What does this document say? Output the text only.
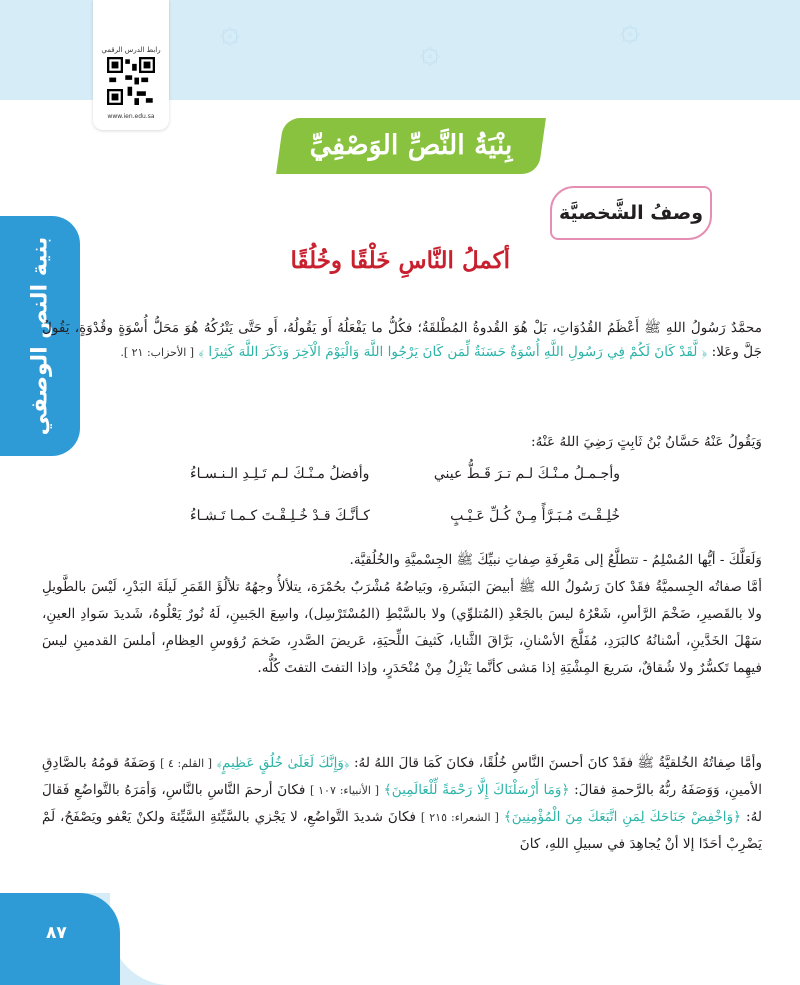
۞	۞
۞
رابط الدرس الرقمي
www.ien.edu.sa
بنية النص الوصفي
بِنْيَةُ النَّصِّ الوَصْفِيِّ
وصفُ الشَّخصيَّة
أكملُ النَّاسِ خَلْقًا وخُلُقًا
محمَّدٌ رَسُولُ اللهِ ﷺ أَعْظَمُ القُدُوَاتِ، بَلْ هُوَ القُدوةُ المُطْلقَةُ؛ فكُلُّ ما يَفْعَلُهُ أَو يَقُولُهُ، أَو حَتَّى يَتْرُكُهُ هُوَ مَحَلُّ أُسْوَةٍ وقُدْوَةٍ، يَقُولُ جَلَّ وعَلا: ﴿ لَّقَدْ كَانَ لَكُمْ فِي رَسُولِ اللَّهِ أُسْوَةٌ حَسَنَةٌ لِّمَن كَانَ يَرْجُوا اللَّهَ وَالْيَوْمَ الْآخِرَ وَذَكَرَ اللَّهَ كَثِيرًا ﴾ [ الأحزاب: ٢١ ].
وَيَقُولُ عَنْهُ حَسَّانُ بْنُ ثَابِتٍ رَضِيَ اللهُ عَنْهُ:
وأجـمـلُ مـنْـكَ لـم تـرَ قَـطُّ عيني
وأفضلُ مـنْـكَ لـم تَـلِـدِ الـنـسـاءُ
خُلِـقْـتَ مُـبَـرَّأً مِـنْ كُـلِّ عَـيْـبٍ
كـأنَّـكَ قـدْ خُـلِـقْـتَ كـمـا تَـشـاءُ
وَلَعَلَّكَ - أيُّها المُسْلِمُ - تتطلَّعُ إلى مَعْرِفَةِ صِفاتِ نبيِّكَ ﷺ الجِسْميَّةِ والخُلُقيَّة.
أمَّا صفاتُه الجِسميَّةُ فقَدْ كانَ رَسُولُ الله ﷺ أبيضَ البَشَرةِ، وبَياضُهُ مُشْرَبٌ بحُمْرَة، يتلألأُ وجهُهُ تلألُؤَ القَمَرِ لَيلَةَ البَدْرِ، لَيْسَ بالطَّويلِ ولا بالقَصيرِ، ضَخْمَ الرَّأسِ، شَعْرُهُ ليسَ بالجَعْدِ (المُتلوِّي) ولا بالسَّبْطِ (المُسْتَرْسِل)، واسِعَ الجَبينِ، لَهُ نُورٌ يَعْلُوهُ، شَديدَ سَوادِ العينِ، سَهْلَ الخَدَّينِ، أسْنانُهُ كالبَرَدِ، مُفَلَّجَ الأسْنانِ، بَرَّاقَ الثَّنايا، كَثيفَ اللِّحيَةِ، عَريضَ الصَّدرِ، ضَخمَ رُؤوسِ العِظامِ، أملسَ القدمينِ ليسَ فيهِما تَكسُّرٌ ولا شُقاقٌ، سَريعَ المِشْيَةِ إذا مَشى كأنَّما يَنْزِلُ مِنْ مُنْحَدَرٍ، وإذا التفتَ التفتَ كُلُّه.
وأمَّا صِفاتُهُ الخُلقيَّةُ ﷺ فقَدْ كانَ أحسنَ النَّاسِ خُلُقًا، فكانَ كَمَا قالَ اللهُ لهُ: ﴿وَإِنَّكَ لَعَلَىٰ خُلُقٍ عَظِيمٍ﴾ [ القلم: ٤ ] وَصَفَهُ قومُهُ بالصَّادِقِ الأمينِ، وَوَصَفَهُ ربُّهُ بالرَّحمةِ فقالَ: ﴿وَمَا أَرْسَلْنَاكَ إِلَّا رَحْمَةً لِّلْعَالَمِينَ﴾ [ الأنبياء: ١٠٧ ] فكانَ أرحمَ النَّاسِ بالنَّاسِ، وَأمَرَهُ بالتَّواضُعِ فَقالَ لهُ: ﴿وَاخْفِضْ جَنَاحَكَ لِمَنِ اتَّبَعَكَ مِنَ الْمُؤْمِنِينَ﴾ [ الشعراء: ٢١٥ ] فكانَ شديدَ التَّواضُعِ، لا يَجْزي بالسَّيِّئةِ السَّيِّئةَ ولكنْ يَعْفو ويَصْفَحُ، لَمْ يَضْرِبْ أحَدًا إلا أنْ يُجاهِدَ في سبيلِ اللهِ، كانَ
٨٧
